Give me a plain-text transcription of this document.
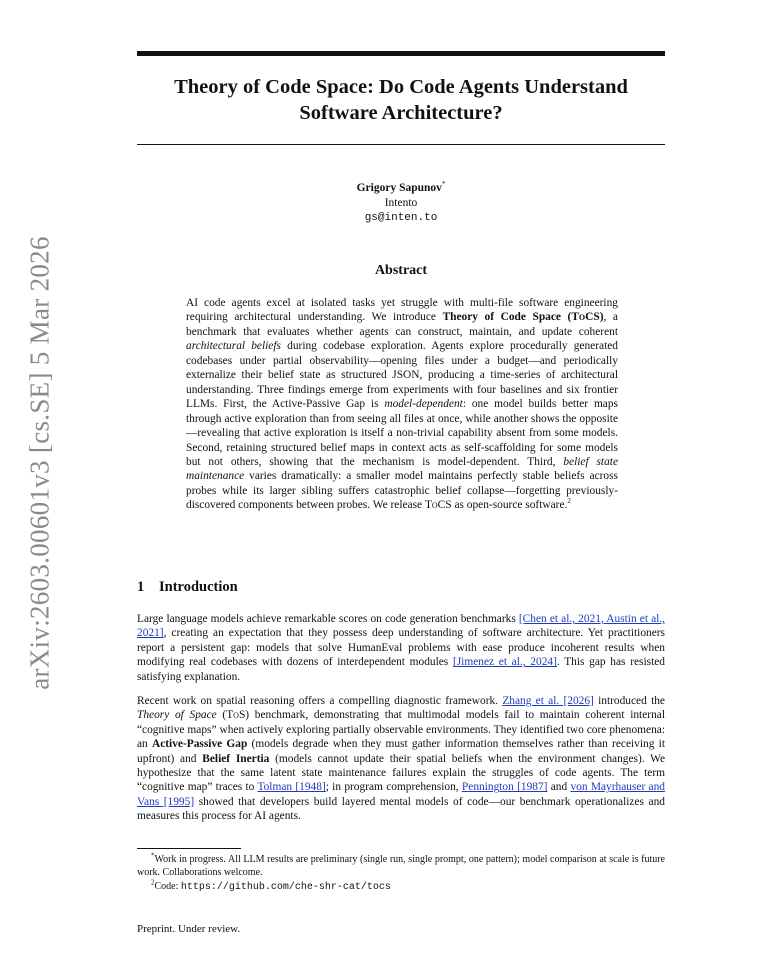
arXiv:2603.00601v3 [cs.SE] 5 Mar 2026
Theory of Code Space: Do Code Agents Understand
Software Architecture?
Grigory Sapunov*
Intento
gs@inten.to
Abstract
AI code agents excel at isolated tasks yet struggle with multi-file software engineering requiring architectural understanding. We introduce Theory of Code Space (ToCS), a benchmark that evaluates whether agents can construct, maintain, and update coherent architectural beliefs during codebase exploration. Agents explore procedurally generated codebases under partial observability—opening files under a budget—and periodically externalize their belief state as structured JSON, producing a time-series of architectural understanding. Three findings emerge from experiments with four baselines and six frontier LLMs. First, the Active-Passive Gap is model-dependent: one model builds better maps through active exploration than from seeing all files at once, while another shows the opposite—revealing that active exploration is itself a non-trivial capability absent from some models. Second, retaining structured belief maps in context acts as self-scaffolding for some models but not others, showing that the mechanism is model-dependent. Third, belief state maintenance varies dramatically: a smaller model maintains perfectly stable beliefs across probes while its larger sibling suffers catastrophic belief collapse—forgetting previously-discovered components between probes. We release ToCS as open-source software.$^2$
1 Introduction
Large language models achieve remarkable scores on code generation benchmarks [Chen et al., 2021, Austin et al., 2021], creating an expectation that they possess deep understanding of software architecture. Yet practitioners report a persistent gap: models that solve HumanEval problems with ease produce incoherent results when modifying real codebases with dozens of interdependent modules [Jimenez et al., 2024]. This gap has resisted satisfying explanation.
Recent work on spatial reasoning offers a compelling diagnostic framework. Zhang et al. [2026] introduced the Theory of Space (ToS) benchmark, demonstrating that multimodal models fail to maintain coherent internal “cognitive maps” when actively exploring partially observable environments. They identified two core phenomena: an Active-Passive Gap (models degrade when they must gather information themselves rather than receiving it upfront) and Belief Inertia (models cannot update their spatial beliefs when the environment changes). We hypothesize that the same latent state maintenance failures explain the struggles of code agents. The term “cognitive map” traces to Tolman [1948]; in program comprehension, Pennington [1987] and von Mayrhauser and Vans [1995] showed that developers build layered mental models of code—our benchmark operationalizes and measures this process for AI agents.

*Work in progress. All LLM results are preliminary (single run, single prompt, one pattern); model comparison at scale is future work. Collaborations welcome.

$^2$Code: https://github.com/che-shr-cat/tocs

Preprint. Under review.
